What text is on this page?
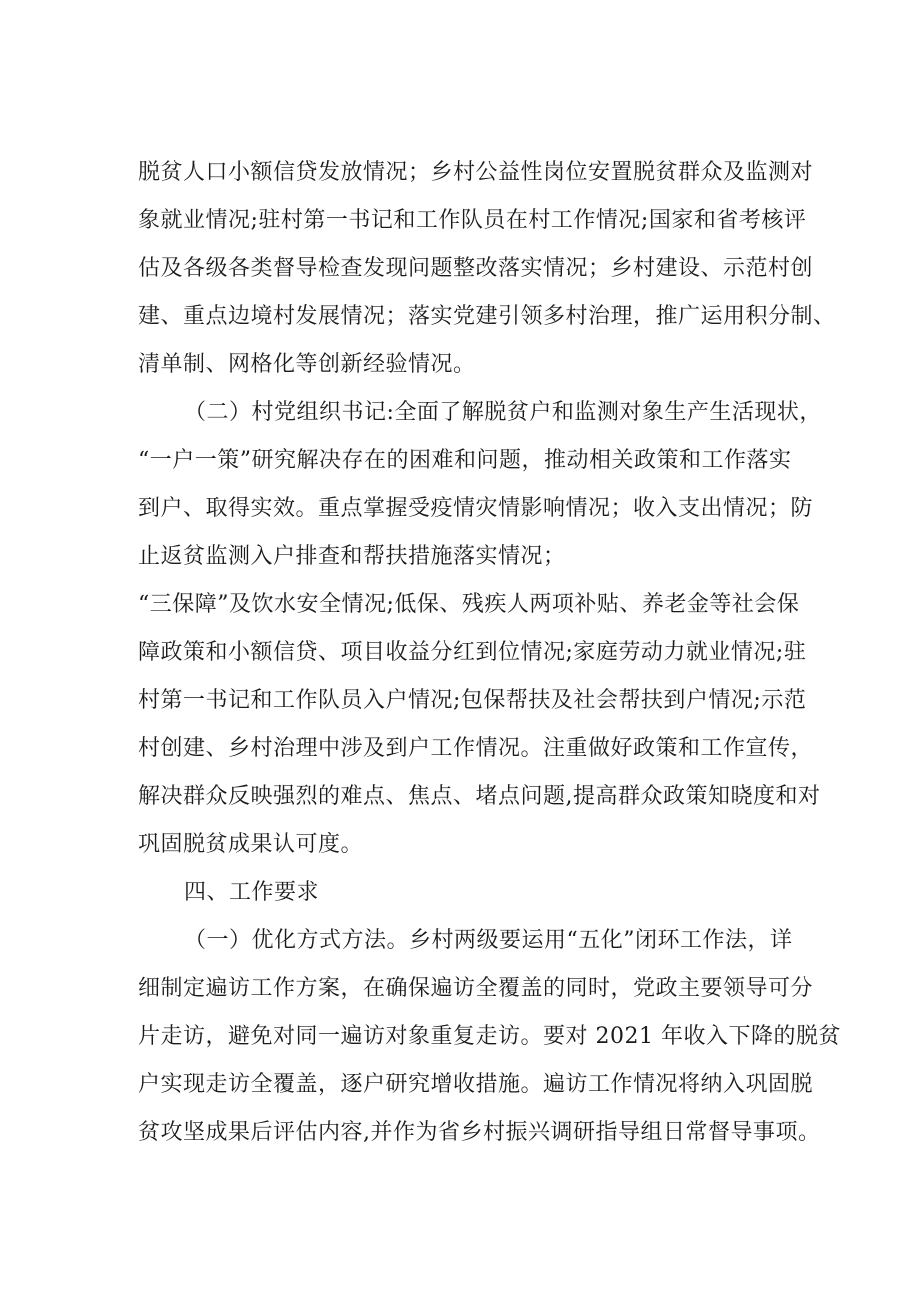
脱贫人口小额信贷发放情况；乡村公益性岗位安置脱贫群众及监测对

象就业情况;驻村第一书记和工作队员在村工作情况;国家和省考核评

估及各级各类督导检查发现问题整改落实情况；乡村建设、示范村创

建、重点边境村发展情况；落实党建引领多村治理，推广运用积分制、

清单制、网格化等创新经验情况。

（二）村党组织书记:全面了解脱贫户和监测对象生产生活现状，

“一户一策”研究解决存在的困难和问题，推动相关政策和工作落实

到户、取得实效。重点掌握受疫情灾情影响情况；收入支出情况；防

止返贫监测入户排查和帮扶措施落实情况；

“三保障”及饮水安全情况;低保、残疾人两项补贴、养老金等社会保

障政策和小额信贷、项目收益分红到位情况;家庭劳动力就业情况;驻

村第一书记和工作队员入户情况;包保帮扶及社会帮扶到户情况;示范

村创建、乡村治理中涉及到户工作情况。注重做好政策和工作宣传，

解决群众反映强烈的难点、焦点、堵点问题,提高群众政策知晓度和对

巩固脱贫成果认可度。

四、工作要求

（一）优化方式方法。乡村两级要运用“五化”闭环工作法，详

细制定遍访工作方案，在确保遍访全覆盖的同时，党政主要领导可分

片走访，避免对同一遍访对象重复走访。要对 2021 年收入下降的脱贫

户实现走访全覆盖，逐户研究增收措施。遍访工作情况将纳入巩固脱

贫攻坚成果后评估内容,并作为省乡村振兴调研指导组日常督导事项。
